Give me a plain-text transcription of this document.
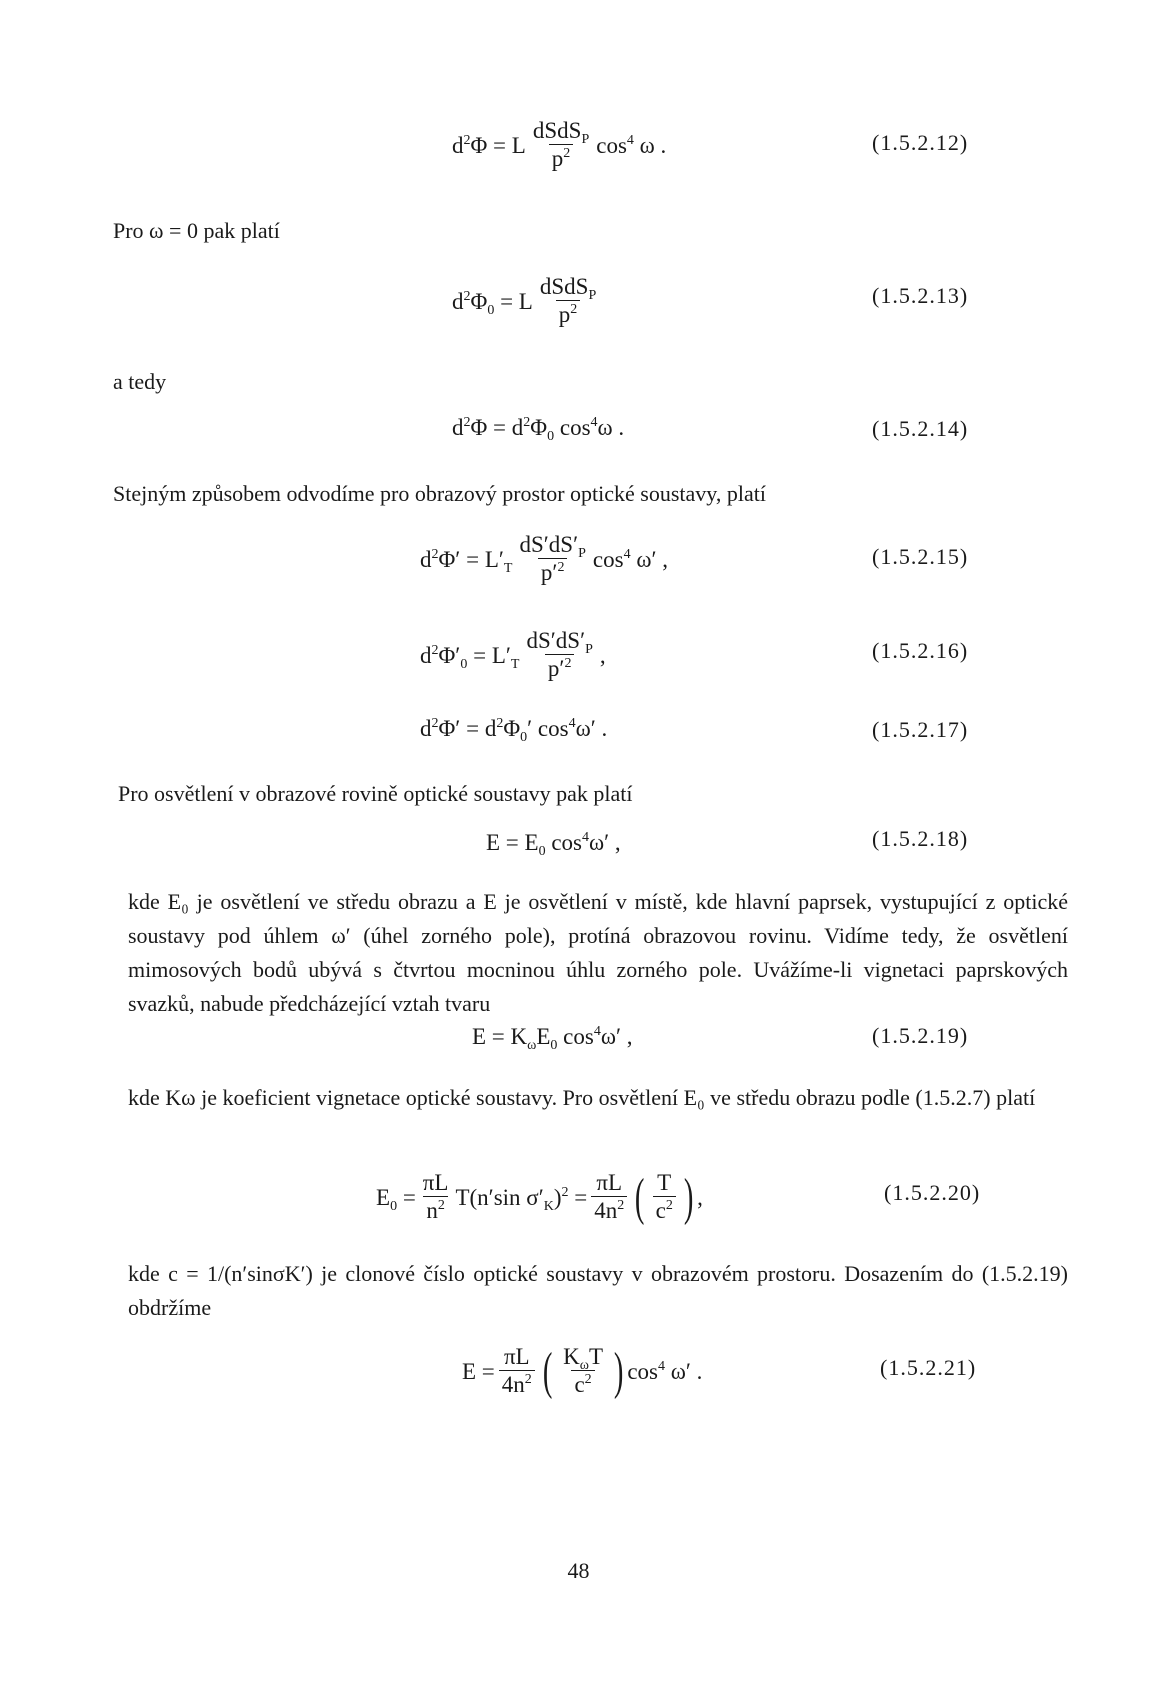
$d^2\Phi = L \frac{dSdS_P}{p^2} \cos^4 \omega$ .	(1.5.2.12)
Pro ω = 0 pak platí
$d^2\Phi_0 = L \frac{dSdS_P}{p^2}$	(1.5.2.13)
a tedy
$d^2\Phi = d^2\Phi_0$ $\cos^4\omega$ .	(1.5.2.14)
Stejným způsobem odvodíme pro obrazový prostor optické soustavy, platí
$d^2\Phi' = L'_T \frac{dS'dS'_P}{p'^2} \cos^4 \omega'$ ,	(1.5.2.15)
$d^2\Phi'_0 = L'_T \frac{dS'dS'_P}{p'^2}$ ,	(1.5.2.16)
$d^2\Phi' = d^2\Phi_0'$ $\cos^4\omega'$ .	(1.5.2.17)
Pro osvětlení v obrazové rovině optické soustavy pak platí
$E = E_0$ $\cos^4\omega'$ ,	(1.5.2.18)
kde E₀ je osvětlení ve středu obrazu a E je osvětlení v místě, kde hlavní paprsek, vystupující z optické soustavy pod úhlem ω′ (úhel zorného pole), protíná obrazovou rovinu. Vidíme tedy, že osvětlení mimosových bodů ubývá s čtvrtou mocninou úhlu zorného pole. Uvážíme-li vignetaci paprskových svazků, nabude předcházející vztah tvaru
$E = K_\omega E_0$ $\cos^4\omega'$ ,	(1.5.2.19)
kde Kω je koeficient vignetace optické soustavy. Pro osvětlení E₀ ve středu obrazu podle (1.5.2.7) platí
$E_0 = \frac{\pi L}{n^2} T(n'\sin$ $\sigma'_K)^2 = \frac{\pi L}{4n^2}$ ( $\frac{T}{c^2}$ ) ,	(1.5.2.20)
kde c = 1/(n′sinσK′) je clonové číslo optické soustavy v obrazovém prostoru. Dosazením do (1.5.2.19) obdržíme
$E = \frac{\pi L}{4n^2}$ ( $\frac{K_\omega T}{c^2}$ ) $\cos^4 \omega'$ .	(1.5.2.21)
48
